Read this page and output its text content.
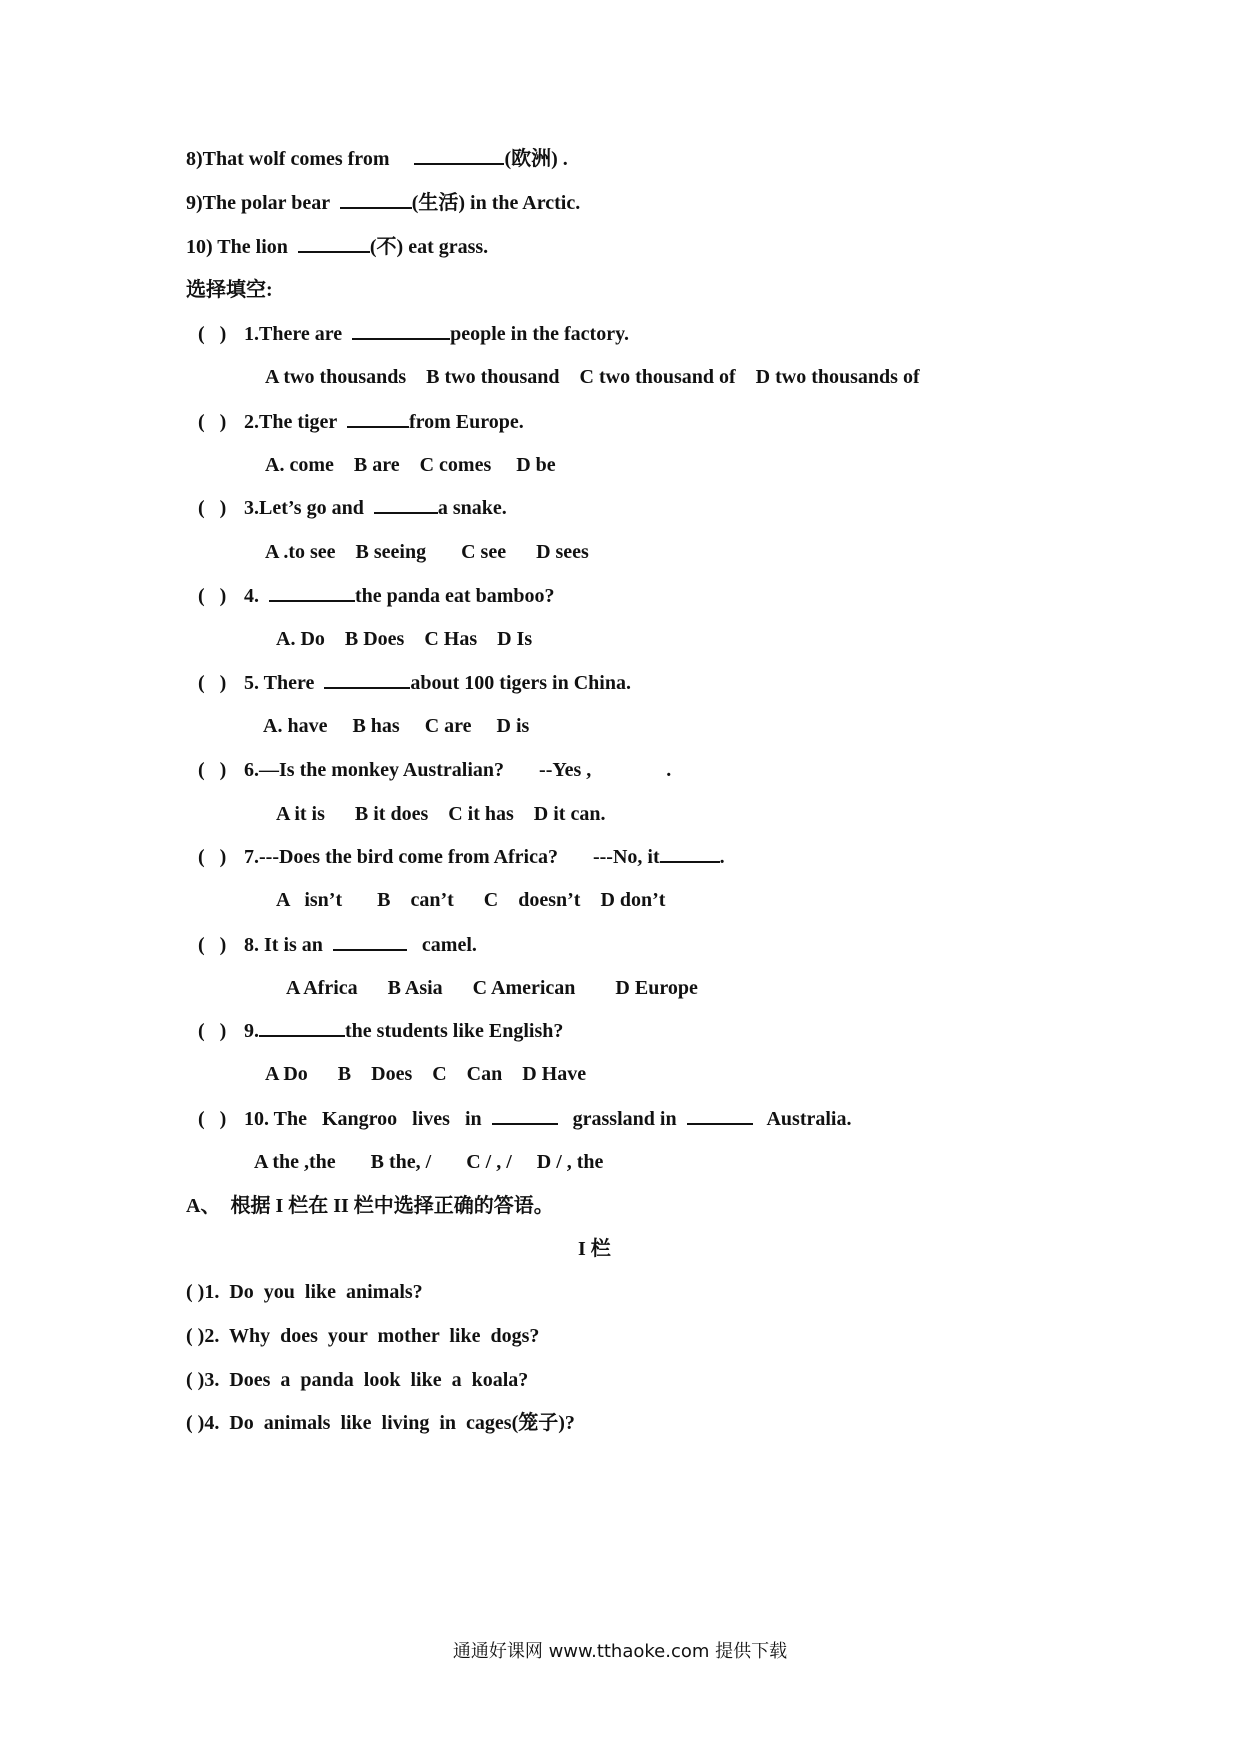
8)That wolf comes from	(欧洲) .
9)The polar bear	(生活) in the Arctic.
10) The lion	(不) eat grass.
选择填空:
(   ) 1.There are	people in the factory.
A two thousands    B two thousand    C two thousand of    D two thousands of
(   ) 2.The tiger	from Europe.
A. come    B are    C comes     D be
(   ) 3.Let’s go and	a snake.
A .to see    B seeing       C see      D sees
(   ) 4.	the panda eat bamboo?
A. Do    B Does    C Has    D Is
(   ) 5. There	about 100 tigers in China.
A. have     B has     C are     D is
(   ) 6.—Is the monkey Australian? --Yes ,               .
A it is      B it does    C it has    D it can.
(   ) 7.---Does the bird come from Africa? ---No, it	.
A   isn’t       B    can’t      C    doesn’t    D don’t
(   ) 8. It is an	camel.
A Africa      B Asia      C American        D Europe
(   ) 9.	the students like English?
A Do      B    Does    C    Can    D Have
(   ) 10. The   Kangroo   lives   in	grassland in	Australia.
A the ,the       B the, /       C / , /     D / , the
A、  根据 I 栏在 II 栏中选择正确的答语。
I 栏
( )1.  Do  you  like  animals?
( )2.  Why  does  your  mother  like  dogs?
( )3.  Does  a  panda  look  like  a  koala?
( )4.  Do  animals  like  living  in  cages(笼子)?
通通好课网 www.tthaoke.com 提供下载
